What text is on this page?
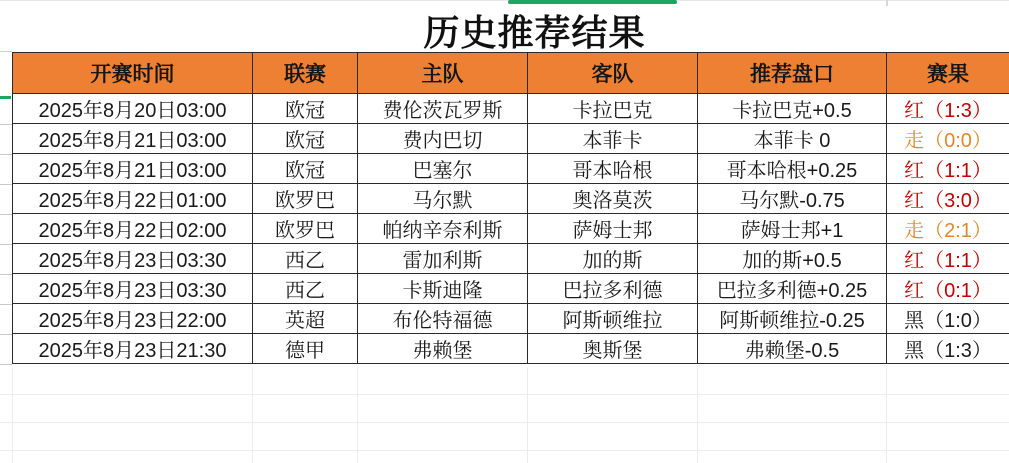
历史推荐结果
开赛时间	联赛	主队	客队	推荐盘口	赛果
2025年8月20日03:00	欧冠	费伦茨瓦罗斯	卡拉巴克	卡拉巴克+0.5	红（1:3）
2025年8月21日03:00	欧冠	费内巴切	本菲卡	本菲卡 0	走（0:0）
2025年8月21日03:00	欧冠	巴塞尔	哥本哈根	哥本哈根+0.25	红（1:1）
2025年8月22日01:00	欧罗巴	马尔默	奥洛莫茨	马尔默-0.75	红（3:0）
2025年8月22日02:00	欧罗巴	帕纳辛奈利斯	萨姆士邦	萨姆士邦+1	走（2:1）
2025年8月23日03:30	西乙	雷加利斯	加的斯	加的斯+0.5	红（1:1）
2025年8月23日03:30	西乙	卡斯迪隆	巴拉多利德	巴拉多利德+0.25	红（0:1）
2025年8月23日22:00	英超	布伦特福德	阿斯顿维拉	阿斯顿维拉-0.25	黑（1:0）
2025年8月23日21:30	德甲	弗赖堡	奥斯堡	弗赖堡-0.5	黑（1:3）
